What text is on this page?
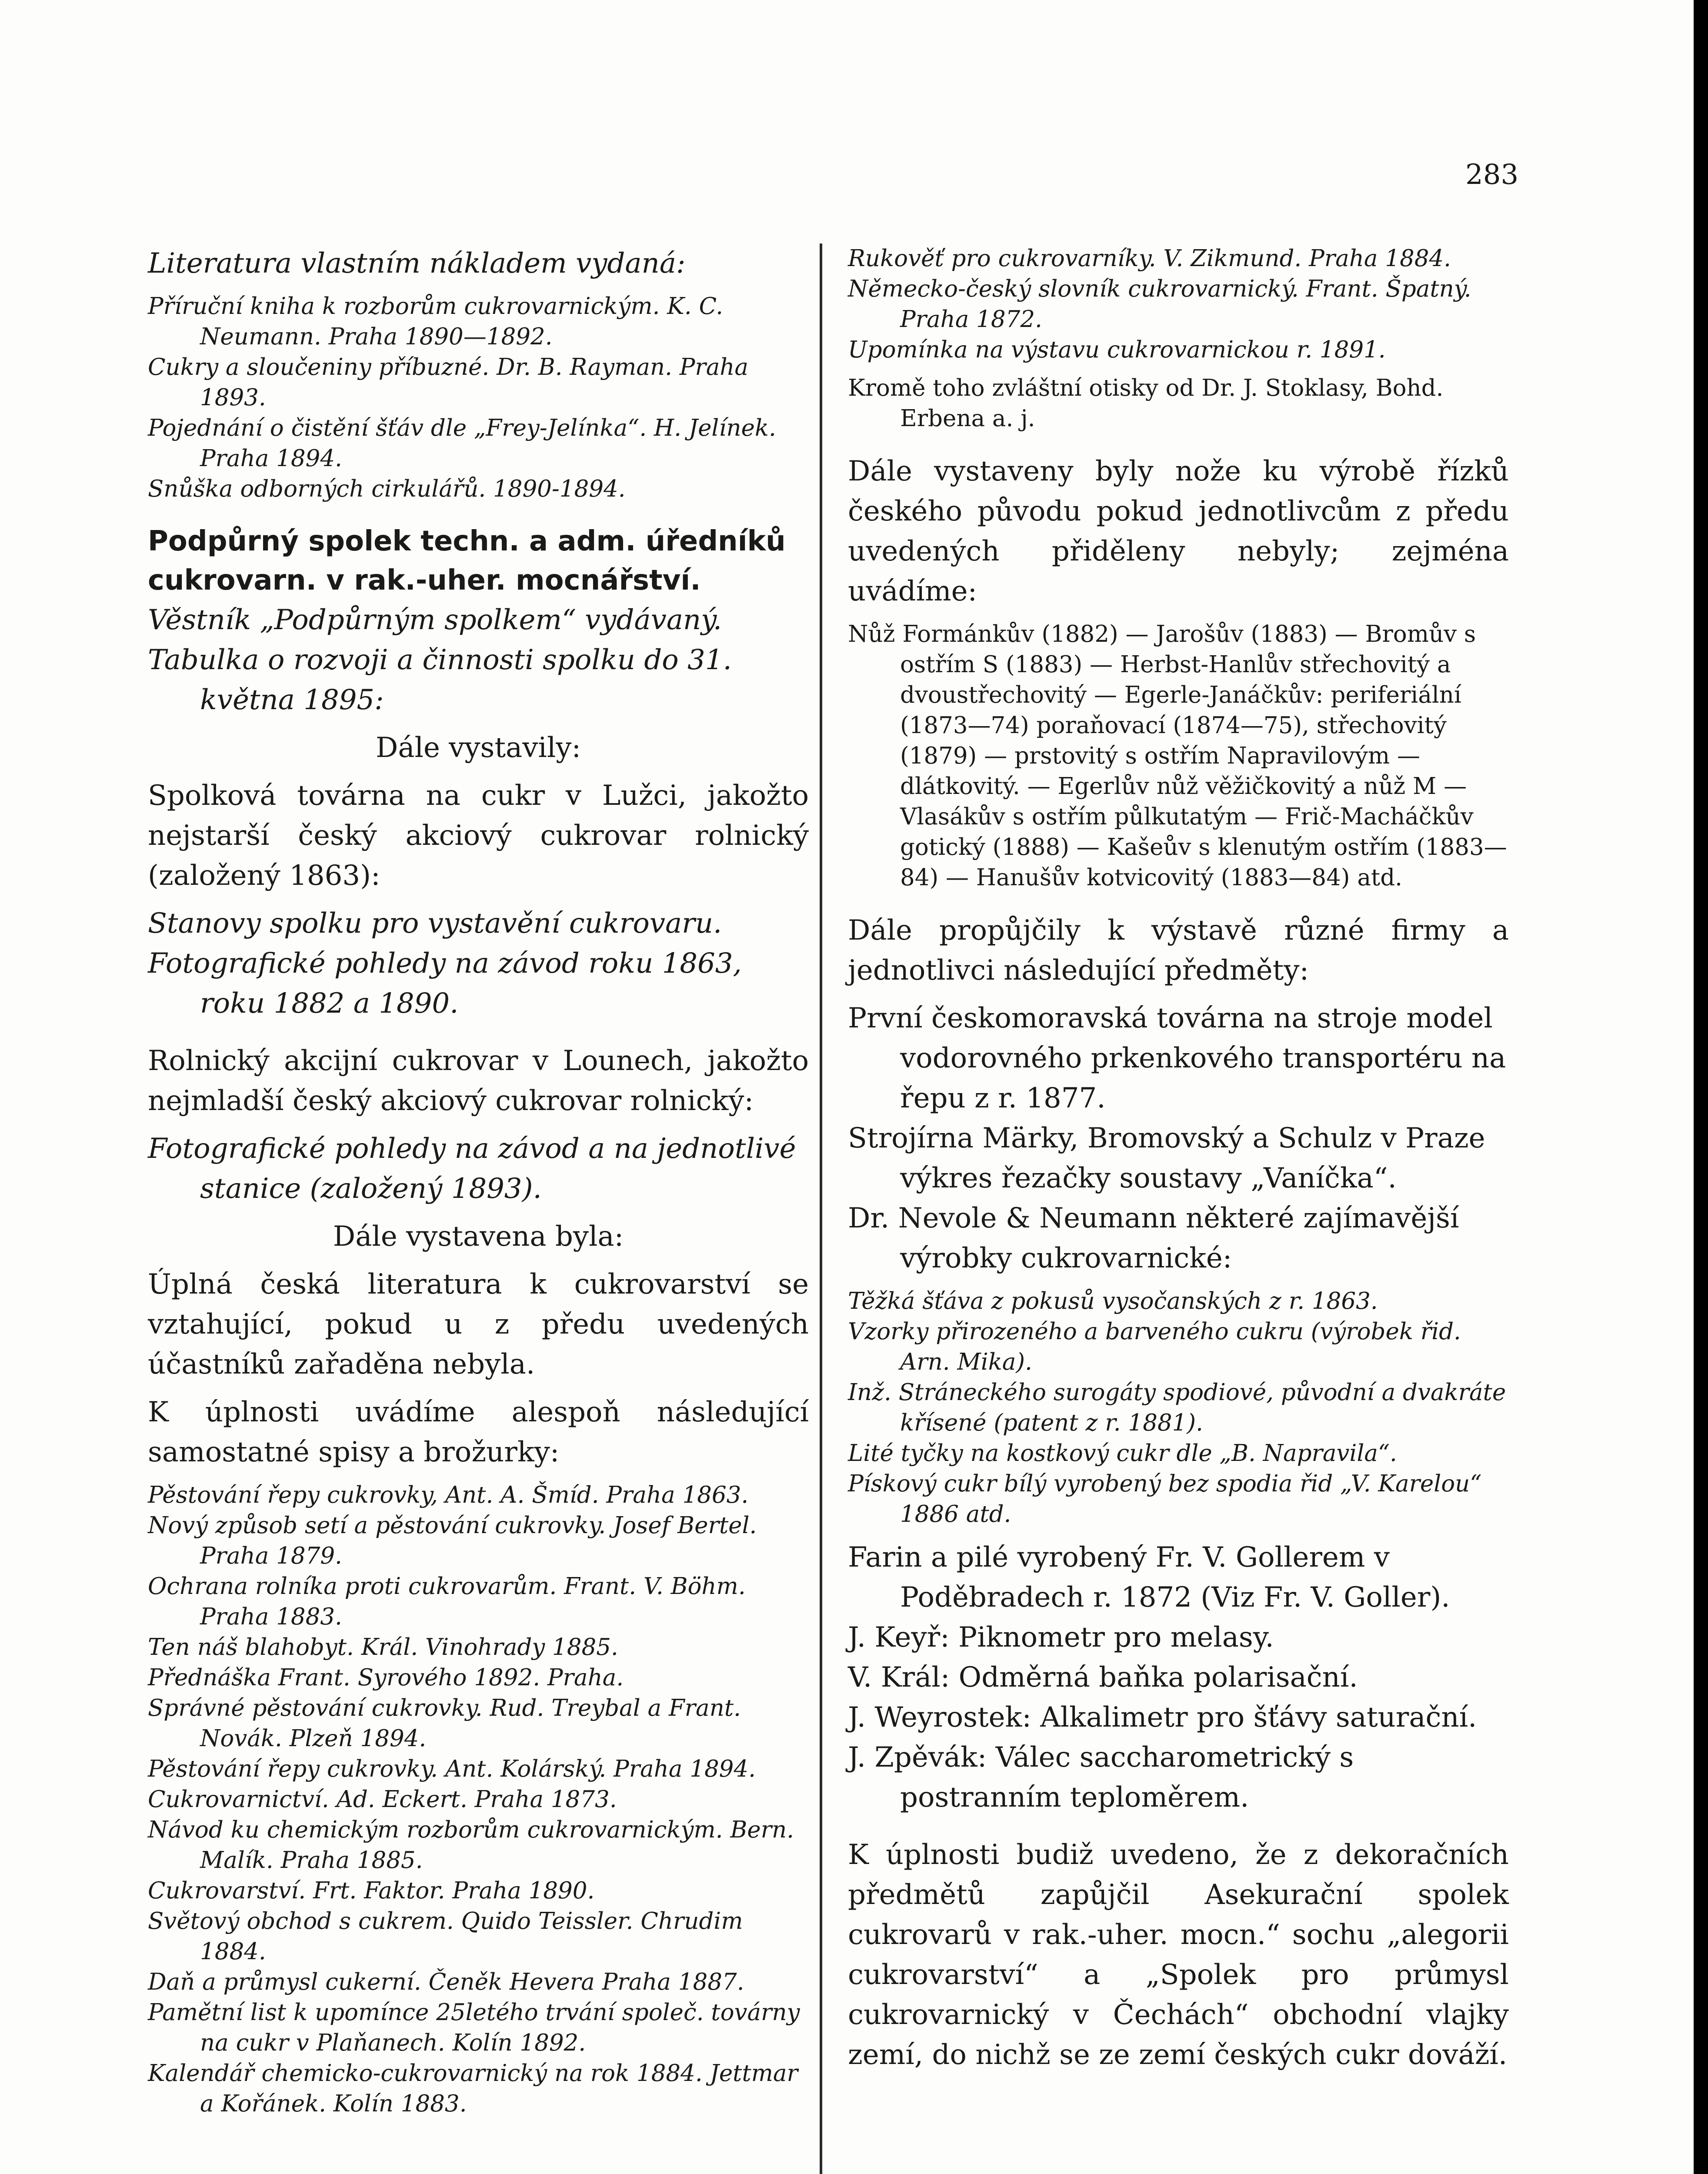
283

Literatura vlastním nákladem vydaná:

Příruční kniha k rozborům cukrovarnickým. K. C. Neumann. Praha 1890—1892.

Cukry a sloučeniny příbuzné. Dr. B. Rayman. Praha 1893.

Pojednání o čistění šťáv dle „Frey-Jelínka“. H. Jelínek. Praha 1894.

Snůška odborných cirkulářů. 1890-1894.

Podpůrný spolek techn. a adm. úředníků cukrovarn. v rak.-uher. mocnářství.

Věstník „Podpůrným spolkem“ vydávaný.

Tabulka o rozvoji a činnosti spolku do 31. května 1895:

Dále vystavily:

Spolková továrna na cukr v Lužci, jakožto nejstarší český akciový cukrovar rolnický (založený 1863):

Stanovy spolku pro vystavění cukrovaru.

Fotografické pohledy na závod roku 1863, roku 1882 a 1890.

Rolnický akcijní cukrovar v Lounech, jakožto nejmladší český akciový cukrovar rolnický:

Fotografické pohledy na závod a na jednotlivé stanice (založený 1893).

Dále vystavena byla:

Úplná česká literatura k cukrovarství se vztahující, pokud u z předu uvedených účastníků zařaděna nebyla.

K úplnosti uvádíme alespoň následující samostatné spisy a brožurky:

Pěstování řepy cukrovky, Ant. A. Šmíd. Praha 1863.

Nový způsob setí a pěstování cukrovky. Josef Bertel. Praha 1879.

Ochrana rolníka proti cukrovarům. Frant. V. Böhm. Praha 1883.

Ten náš blahobyt. Král. Vinohrady 1885.

Přednáška Frant. Syrového 1892. Praha.

Správné pěstování cukrovky. Rud. Treybal a Frant. Novák. Plzeň 1894.

Pěstování řepy cukrovky. Ant. Kolárský. Praha 1894.

Cukrovarnictví. Ad. Eckert. Praha 1873.

Návod ku chemickým rozborům cukrovarnickým. Bern. Malík. Praha 1885.

Cukrovarství. Frt. Faktor. Praha 1890.

Světový obchod s cukrem. Quido Teissler. Chrudim 1884.

Daň a průmysl cukerní. Čeněk Hevera Praha 1887.

Pamětní list k upomínce 25letého trvání společ. továrny na cukr v Plaňanech. Kolín 1892.

Kalendář chemicko-cukrovarnický na rok 1884. Jettmar a Kořánek. Kolín 1883.

Rukověť pro cukrovarníky. V. Zikmund. Praha 1884.

Německo-český slovník cukrovarnický. Frant. Špatný. Praha 1872.

Upomínka na výstavu cukrovarnickou r. 1891.

Kromě toho zvláštní otisky od Dr. J. Stoklasy, Bohd. Erbena a. j.

Dále vystaveny byly nože ku výrobě řízků českého původu pokud jednotlivcům z předu uvedených přiděleny nebyly; zejména uvádíme:

Nůž Formánkův (1882) — Jarošův (1883) — Bromův s ostřím S (1883) — Herbst-Hanlův střechovitý a dvoustřechovitý — Egerle-Janáčkův: periferiální (1873—74) poraňovací (1874—75), střechovitý (1879) — prstovitý s ostřím Napravilovým — dlátkovitý. — Egerlův nůž věžičkovitý a nůž M — Vlasákův s ostřím půlkutatým — Frič-Macháčkův gotický (1888) — Kašeův s klenutým ostřím (1883—84) — Hanušův kotvicovitý (1883—84) atd.

Dále propůjčily k výstavě různé firmy a jednotlivci následující předměty:

První českomoravská továrna na stroje model vodorovného prkenkového transportéru na řepu z r. 1877.

Strojírna Märky, Bromovský a Schulz v Praze výkres řezačky soustavy „Vaníčka“.

Dr. Nevole & Neumann některé zajímavější výrobky cukrovarnické:

Těžká šťáva z pokusů vysočanských z r. 1863.

Vzorky přirozeného a barveného cukru (výrobek řid. Arn. Mika).

Inž. Stráneckého surogáty spodiové, původní a dvakráte křísené (patent z r. 1881).

Lité tyčky na kostkový cukr dle „B. Napravila“.

Pískový cukr bílý vyrobený bez spodia řid „V. Karelou“ 1886 atd.

Farin a pilé vyrobený Fr. V. Gollerem v Poděbradech r. 1872 (Viz Fr. V. Goller).

J. Keyř: Piknometr pro melasy.

V. Král: Odměrná baňka polarisační.

J. Weyrostek: Alkalimetr pro šťávy saturační.

J. Zpěvák: Válec saccharometrický s postranním teploměrem.

K úplnosti budiž uvedeno, že z dekoračních předmětů zapůjčil Asekurační spolek cukrovarů v rak.-uher. mocn.“ sochu „alegorii cukrovarství“ a „Spolek pro průmysl cukrovarnický v Čechách“ obchodní vlajky zemí, do nichž se ze zemí českých cukr dováží.
